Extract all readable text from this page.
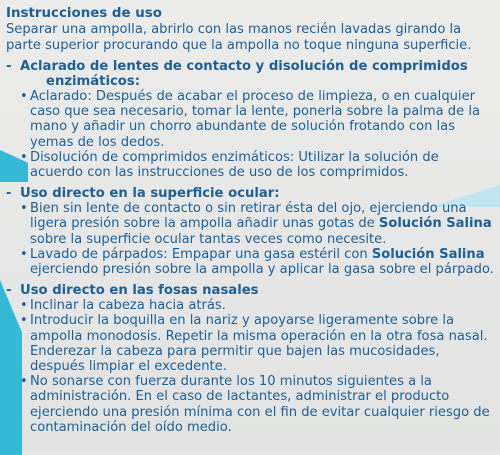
Instrucciones de uso

Separar una ampolla, abrirlo con las manos recién lavadas girando la parte superior procurando que la ampolla no toque ninguna superficie.

- Aclarado de lentes de contacto y disolución de comprimidos

enzimáticos:

• Aclarado: Después de acabar el proceso de limpieza, o en cualquier caso que sea necesario, tomar la lente, ponerla sobre la palma de la mano y añadir un chorro abundante de solución frotando con las yemas de los dedos.
• Disolución de comprimidos enzimáticos: Utilizar la solución de acuerdo con las instrucciones de uso de los comprimidos.

- Uso directo en la superficie ocular:

• Bien sin lente de contacto o sin retirar ésta del ojo, ejerciendo una ligera presión sobre la ampolla añadir unas gotas de Solución Salina sobre la superficie ocular tantas veces como necesite.
• Lavado de párpados: Empapar una gasa estéril con Solución Salina ejerciendo presión sobre la ampolla y aplicar la gasa sobre el párpado.

- Uso directo en las fosas nasales

• Inclinar la cabeza hacia atrás.
• Introducir la boquilla en la nariz y apoyarse ligeramente sobre la ampolla monodosis. Repetir la misma operación en la otra fosa nasal. Enderezar la cabeza para permitir que bajen las mucosidades, después limpiar el excedente.
• No sonarse con fuerza durante los 10 minutos siguientes a la administración. En el caso de lactantes, administrar el producto ejerciendo una presión mínima con el fin de evitar cualquier riesgo de contaminación del oído medio.
